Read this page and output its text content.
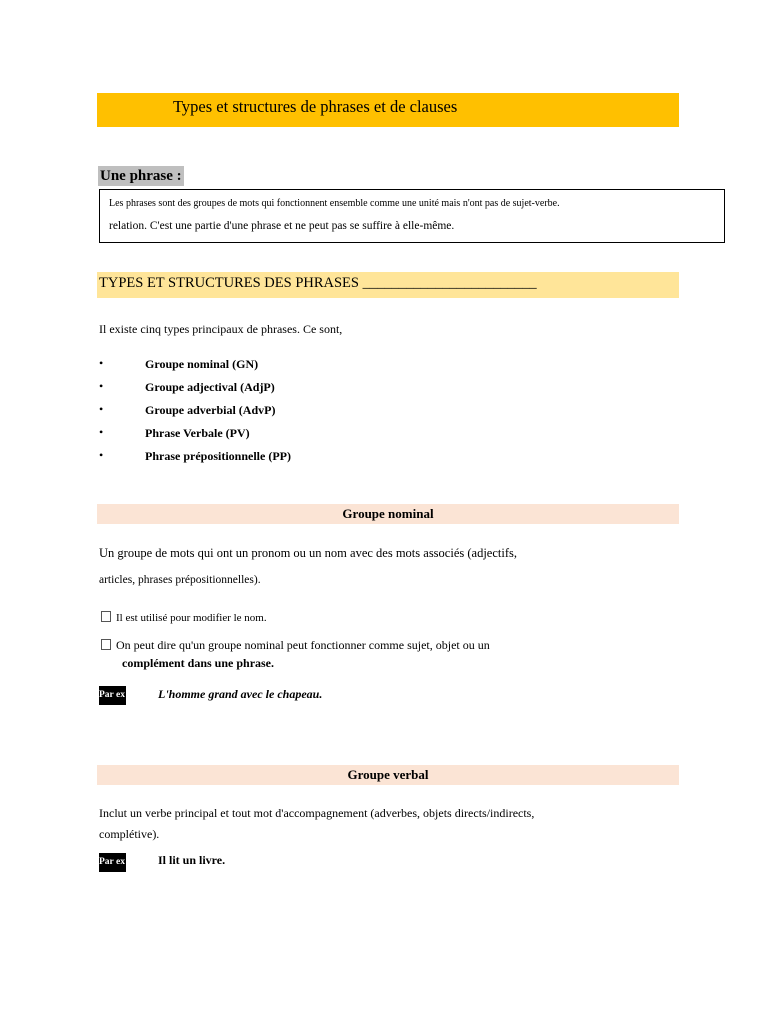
Types et structures de phrases et de clauses
Une phrase :
Les phrases sont des groupes de mots qui fonctionnent ensemble comme une unité mais n'ont pas de sujet-verbe.
relation. C'est une partie d'une phrase et ne peut pas se suffire à elle-même.
TYPES ET STRUCTURES DES PHRASES ________________________
Il existe cinq types principaux de phrases. Ce sont,
•	Groupe nominal (GN)
•	Groupe adjectival (AdjP)
•	Groupe adverbial (AdvP)
•	Phrase Verbale (PV)
•	Phrase prépositionnelle (PP)
Groupe nominal
Un groupe de mots qui ont un pronom ou un nom avec des mots associés (adjectifs,
articles, phrases prépositionnelles).
Il est utilisé pour modifier le nom.
On peut dire qu'un groupe nominal peut fonctionner comme sujet, objet ou un
complément dans une phrase.
Par ex	L'homme grand avec le chapeau.
Groupe verbal
Inclut un verbe principal et tout mot d'accompagnement (adverbes, objets directs/indirects,
complétive).
Par ex	Il lit un livre.
